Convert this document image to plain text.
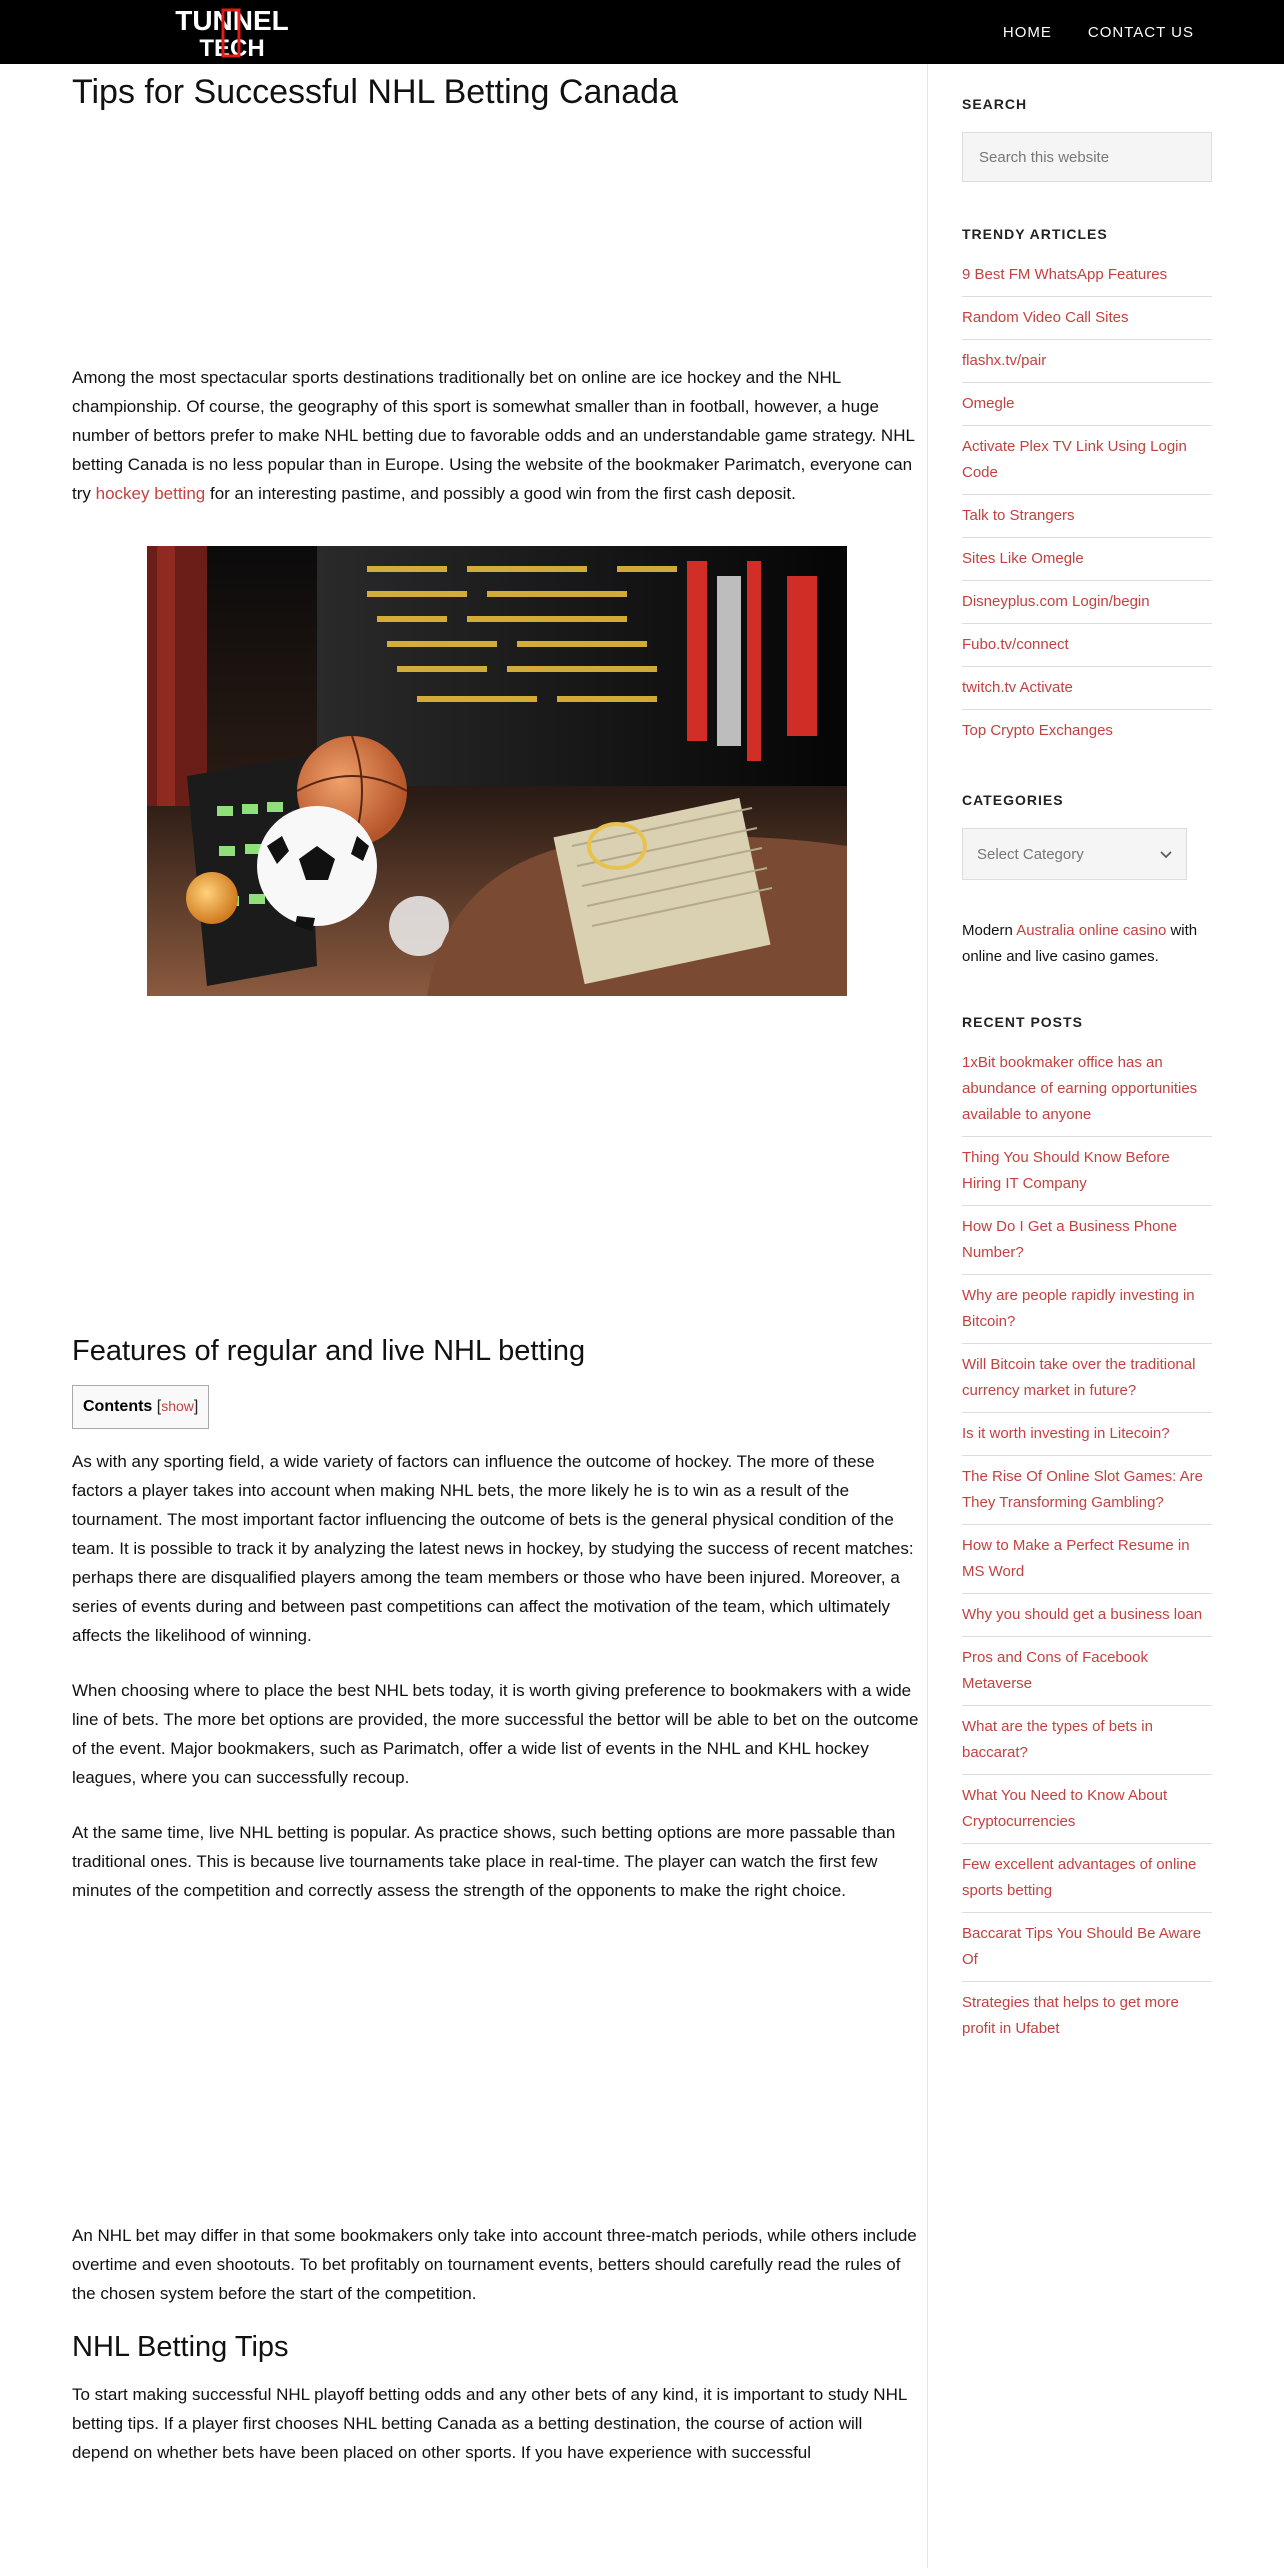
TUNNEL
TECH
HOME CONTACT US
Tips for Successful NHL Betting Canada

Among the most spectacular sports destinations traditionally bet on online are ice hockey and the NHL championship. Of course, the geography of this sport is somewhat smaller than in football, however, a huge number of bettors prefer to make NHL betting due to favorable odds and an understandable game strategy. NHL betting Canada is no less popular than in Europe. Using the website of the bookmaker Parimatch, everyone can try hockey betting for an interesting pastime, and possibly a good win from the first cash deposit.

Features of regular and live NHL betting
Contents [show]

As with any sporting field, a wide variety of factors can influence the outcome of hockey. The more of these factors a player takes into account when making NHL bets, the more likely he is to win as a result of the tournament. The most important factor influencing the outcome of bets is the general physical condition of the team. It is possible to track it by analyzing the latest news in hockey, by studying the success of recent matches: perhaps there are disqualified players among the team members or those who have been injured. Moreover, a series of events during and between past competitions can affect the motivation of the team, which ultimately affects the likelihood of winning.

When choosing where to place the best NHL bets today, it is worth giving preference to bookmakers with a wide line of bets. The more bet options are provided, the more successful the bettor will be able to bet on the outcome of the event. Major bookmakers, such as Parimatch, offer a wide list of events in the NHL and KHL hockey leagues, where you can successfully recoup.

At the same time, live NHL betting is popular. As practice shows, such betting options are more passable than traditional ones. This is because live tournaments take place in real-time. The player can watch the first few minutes of the competition and correctly assess the strength of the opponents to make the right choice.

An NHL bet may differ in that some bookmakers only take into account three-match periods, while others include overtime and even shootouts. To bet profitably on tournament events, betters should carefully read the rules of the chosen system before the start of the competition.

NHL Betting Tips

To start making successful NHL playoff betting odds and any other bets of any kind, it is important to study NHL betting tips. If a player first chooses NHL betting Canada as a betting destination, the course of action will depend on whether bets have been placed on other sports. If you have experience with successful

SEARCH
Search this website
TRENDY ARTICLES
9 Best FM WhatsApp Features
Random Video Call Sites
flashx.tv/pair
Omegle
Activate Plex TV Link Using Login Code
Talk to Strangers
Sites Like Omegle
Disneyplus.com Login/begin
Fubo.tv/connect
twitch.tv Activate
Top Crypto Exchanges
CATEGORIES
Select Category

Modern Australia online casino with online and live casino games.

RECENT POSTS
1xBit bookmaker office has an abundance of earning opportunities available to anyone
Thing You Should Know Before Hiring IT Company
How Do I Get a Business Phone Number?
Why are people rapidly investing in Bitcoin?
Will Bitcoin take over the traditional currency market in future?
Is it worth investing in Litecoin?
The Rise Of Online Slot Games: Are They Transforming Gambling?
How to Make a Perfect Resume in MS Word
Why you should get a business loan
Pros and Cons of Facebook Metaverse
What are the types of bets in baccarat?
What You Need to Know About Cryptocurrencies
Few excellent advantages of online sports betting
Baccarat Tips You Should Be Aware Of
Strategies that helps to get more profit in Ufabet
